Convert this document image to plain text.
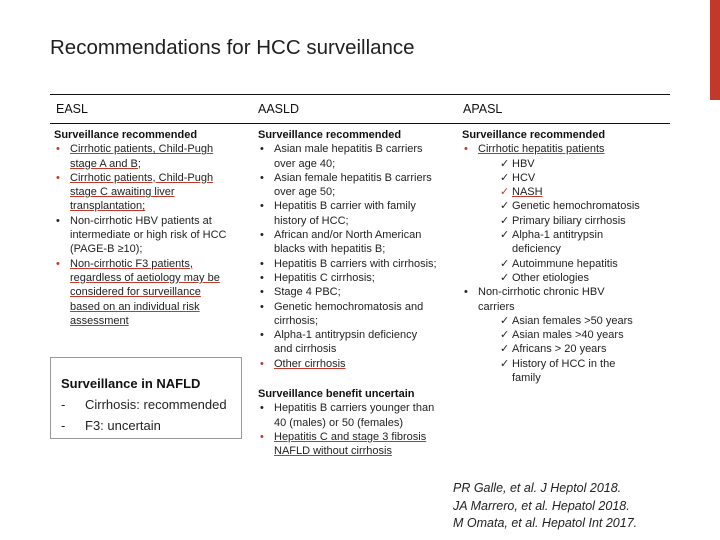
Recommendations for HCC surveillance
EASL	AASLD	APASL
Surveillance recommended
• Cirrhotic patients, Child-Pugh
stage A and B;
• Cirrhotic patients, Child-Pugh
stage C awaiting liver
transplantation;
• Non-cirrhotic HBV patients at
intermediate or high risk of HCC
(PAGE-B ≥10);
• Non-cirrhotic F3 patients,
regardless of aetiology may be
considered for surveillance
based on an individual risk
assessment
Surveillance in NAFLD
- Cirrhosis: recommended
- F3: uncertain
Surveillance recommended
• Asian male hepatitis B carriers
over age 40;
• Asian female hepatitis B carriers
over age 50;
• Hepatitis B carrier with family
history of HCC;
• African and/or North American
blacks with hepatitis B;
• Hepatitis B carriers with cirrhosis;
• Hepatitis C cirrhosis;
• Stage 4 PBC;
• Genetic hemochromatosis and
cirrhosis;
• Alpha-1 antitrypsin deficiency
and cirrhosis
• Other cirrhosis
Surveillance benefit uncertain
• Hepatitis B carriers younger than
40 (males) or 50 (females)
• Hepatitis C and stage 3 fibrosis
NAFLD without cirrhosis
Surveillance recommended
• Cirrhotic hepatitis patients
✓ HBV
✓ HCV
✓ NASH
✓ Genetic hemochromatosis
✓ Primary biliary cirrhosis
✓ Alpha-1 antitrypsin
deficiency
✓ Autoimmune hepatitis
✓ Other etiologies
• Non-cirrhotic chronic HBV
carriers
✓ Asian females >50 years
✓ Asian males >40 years
✓ Africans > 20 years
✓ History of HCC in the
family
PR Galle, et al. J Heptol 2018.
JA Marrero, et al. Hepatol 2018.
M Omata, et al. Hepatol Int 2017.
